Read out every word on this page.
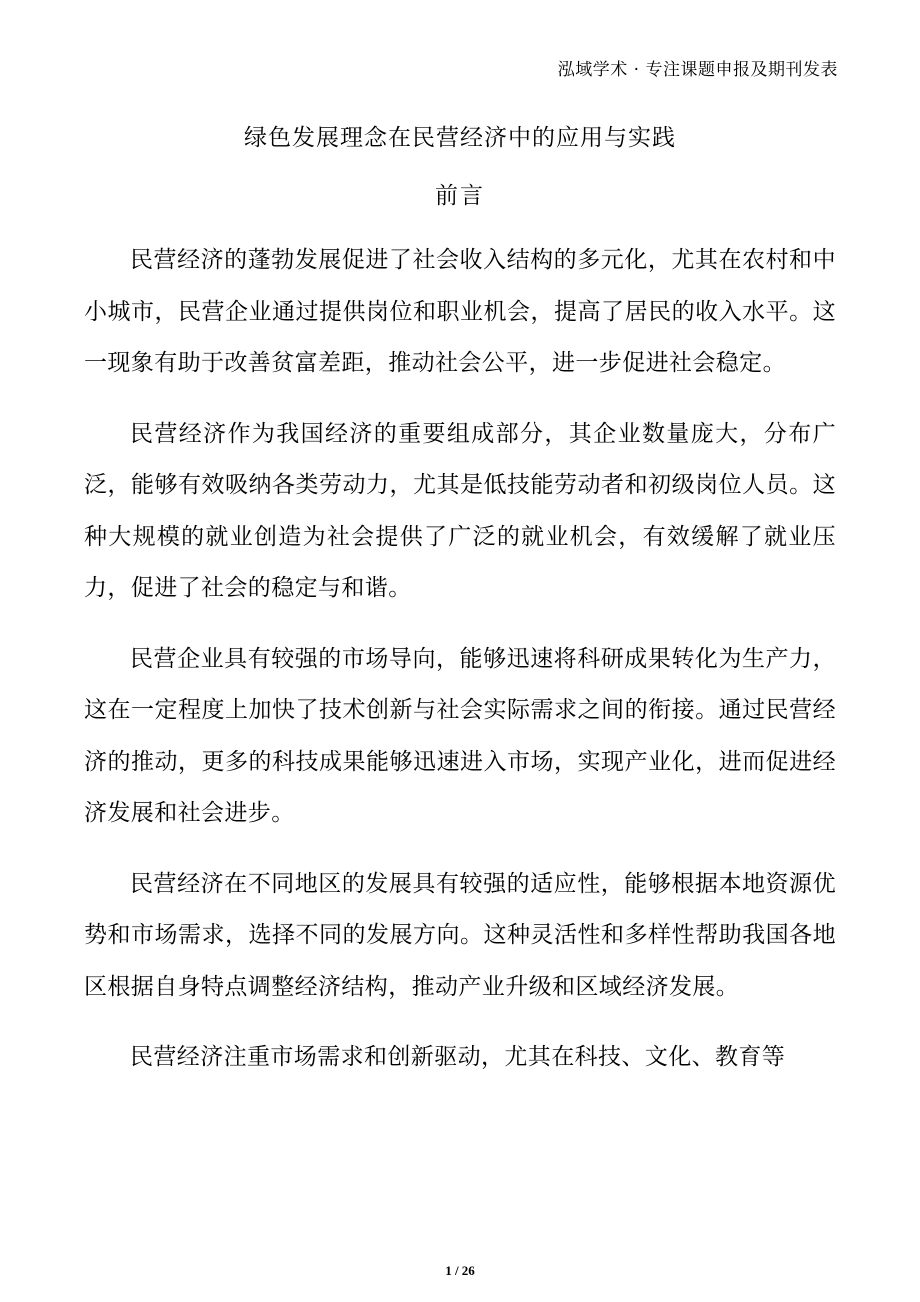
泓域学术 · 专注课题申报及期刊发表
绿色发展理念在民营经济中的应用与实践
前言

民营经济的蓬勃发展促进了社会收入结构的多元化，尤其在农村和中小城市，民营企业通过提供岗位和职业机会，提高了居民的收入水平。这一现象有助于改善贫富差距，推动社会公平，进一步促进社会稳定。

民营经济作为我国经济的重要组成部分，其企业数量庞大，分布广泛，能够有效吸纳各类劳动力，尤其是低技能劳动者和初级岗位人员。这种大规模的就业创造为社会提供了广泛的就业机会，有效缓解了就业压力，促进了社会的稳定与和谐。

民营企业具有较强的市场导向，能够迅速将科研成果转化为生产力，这在一定程度上加快了技术创新与社会实际需求之间的衔接。通过民营经济的推动，更多的科技成果能够迅速进入市场，实现产业化，进而促进经济发展和社会进步。

民营经济在不同地区的发展具有较强的适应性，能够根据本地资源优势和市场需求，选择不同的发展方向。这种灵活性和多样性帮助我国各地区根据自身特点调整经济结构，推动产业升级和区域经济发展。

民营经济注重市场需求和创新驱动，尤其在科技、文化、教育等

1 / 26
